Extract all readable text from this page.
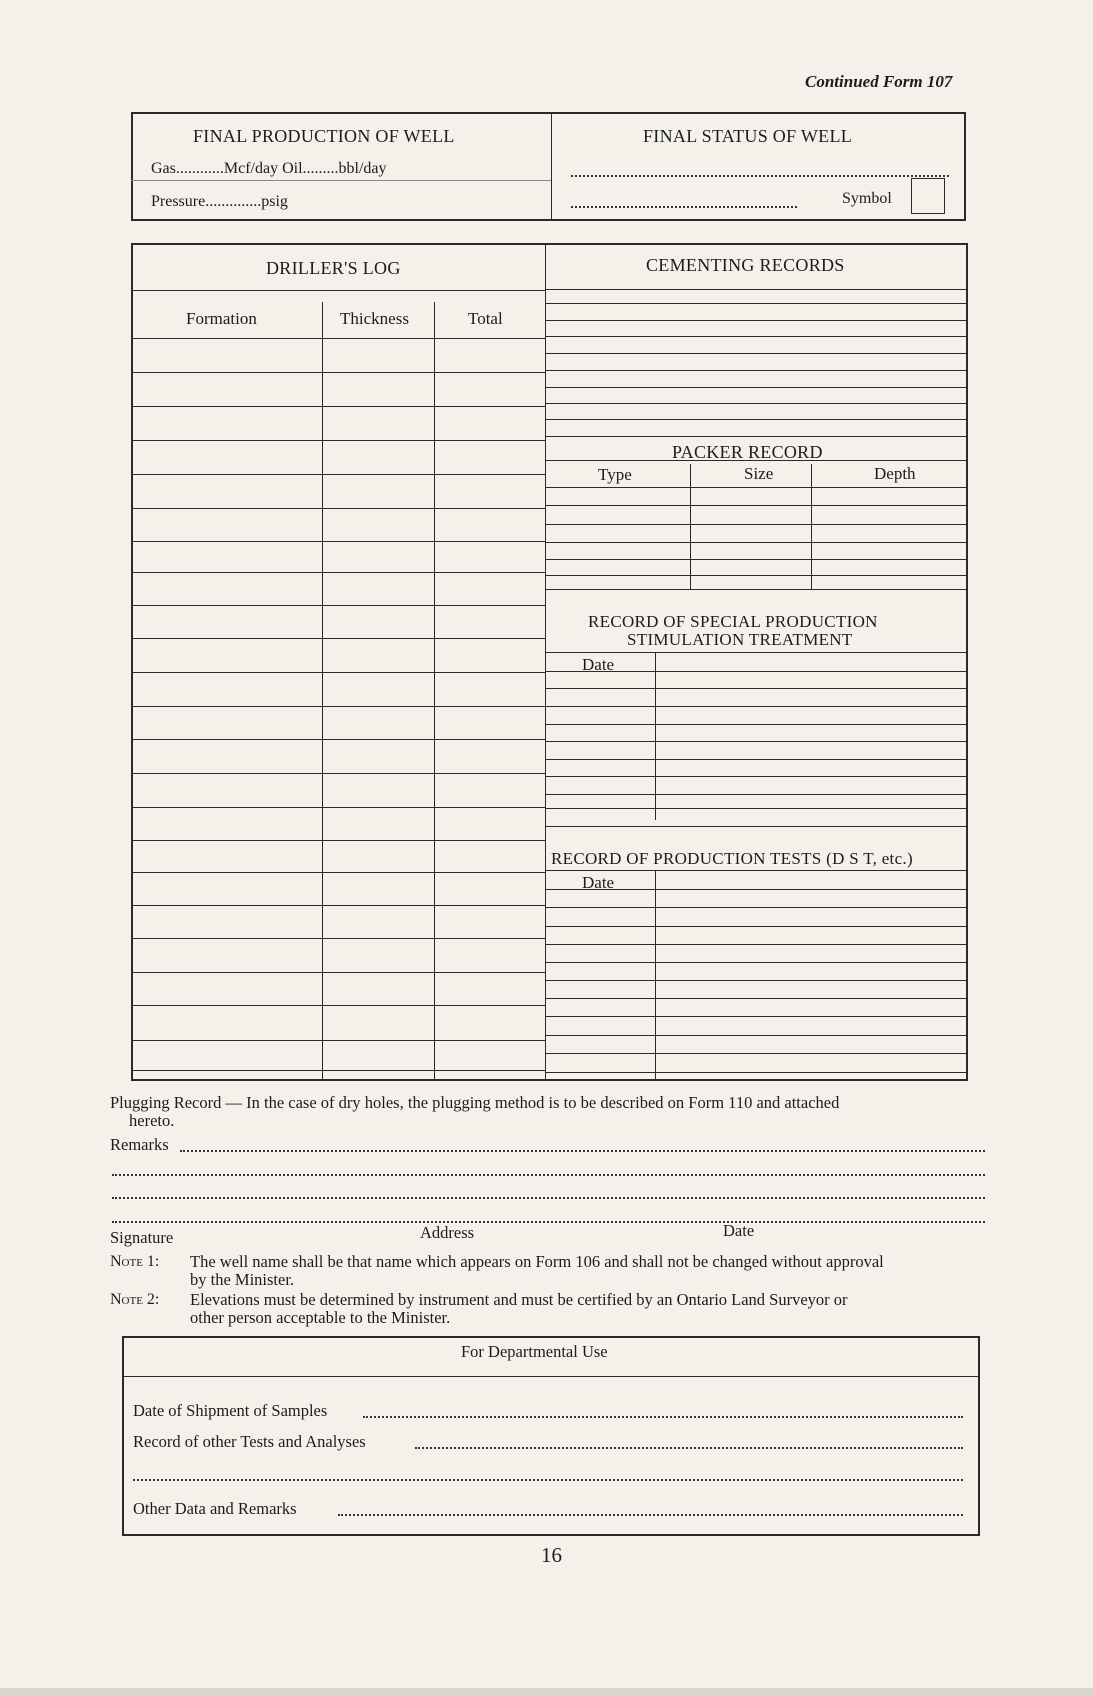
Continued Form 107
FINAL PRODUCTION OF WELL
Gas............Mcf/day Oil.........bbl/day
Pressure..............psig
FINAL STATUS OF WELL
Symbol
DRILLER'S LOG
Formation	Thickness	Total
CEMENTING RECORDS
PACKER RECORD
Type	Size	Depth
RECORD OF SPECIAL PRODUCTION
STIMULATION TREATMENT
Date
RECORD OF PRODUCTION TESTS (D S T, etc.)
Date
Plugging Record — In the case of dry holes, the plugging method is to be described on Form 110 and attached
hereto.
Remarks
Signature	Address	Date
Note 1: The well name shall be that name which appears on Form 106 and shall not be changed without approval
by the Minister.
Note 2: Elevations must be determined by instrument and must be certified by an Ontario Land Surveyor or
other person acceptable to the Minister.
For Departmental Use
Date of Shipment of Samples
Record of other Tests and Analyses
Other Data and Remarks
16
